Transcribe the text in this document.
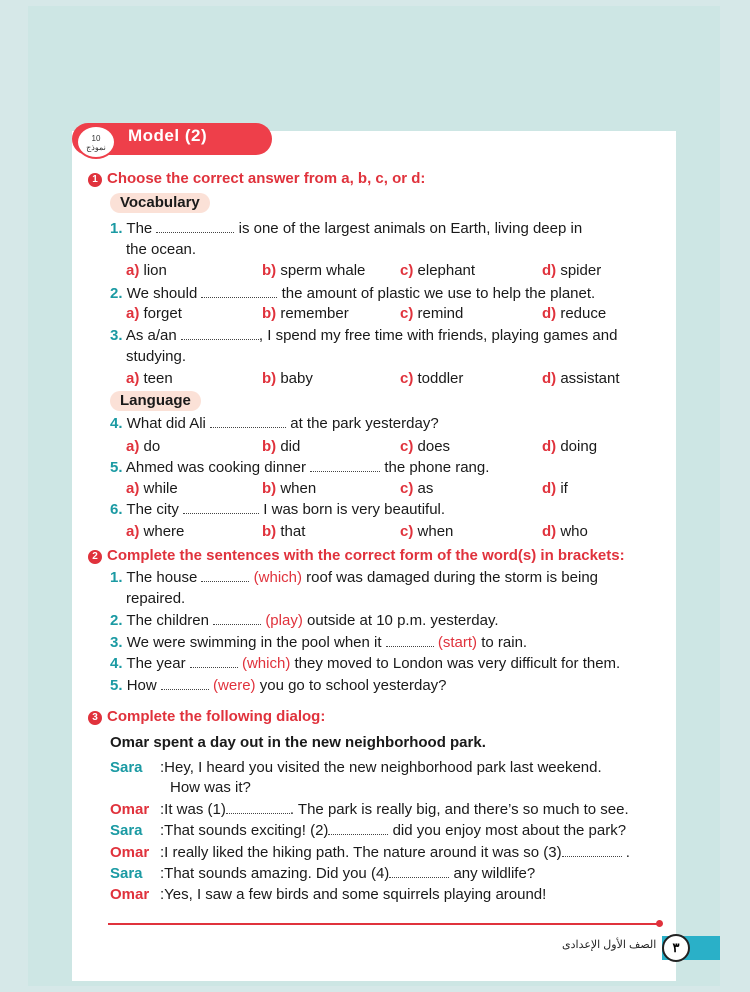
10
نموذج
Model (2)
1 Choose the correct answer from a, b, c, or d:
Vocabulary
1. The	is one of the largest animals on Earth, living deep in
the ocean.
a) lion	b) sperm whale c) elephant	d) spider
2. We should	the amount of plastic we use to help the planet.
a) forget	b) remember	c) remind	d) reduce
3. As a/an	, I spend my free time with friends, playing games and
studying.
a) teen	b) baby	c) toddler	d) assistant
Language
4. What did Ali	at the park yesterday?
a) do	b) did	c) does	d) doing
5. Ahmed was cooking dinner	the phone rang.
a) while	b) when	c) as	d) if
6. The city	I was born is very beautiful.
a) where	b) that	c) when	d) who
2 Complete the sentences with the correct form of the word(s) in brackets:
1. The house	(which) roof was damaged during the storm is being
repaired.
2. The children	(play) outside at 10 p.m. yesterday.
3. We were swimming in the pool when it	(start) to rain.
4. The year	(which) they moved to London was very difficult for them.
5. How	(were) you go to school yesterday?
3 Complete the following dialog:
Omar spent a day out in the new neighborhood park.
Sara :Hey, I heard you visited the new neighborhood park last weekend.
How was it?
Omar :It was (1)	. The park is really big, and there’s so much to see.
Sara :That sounds exciting! (2)	did you enjoy most about the park?
Omar :I really liked the hiking path. The nature around it was so (3)	.
Sara :That sounds amazing. Did you (4)	any wildlife?
Omar :Yes, I saw a few birds and some squirrels playing around!
٣
الصف الأول الإعدادى
